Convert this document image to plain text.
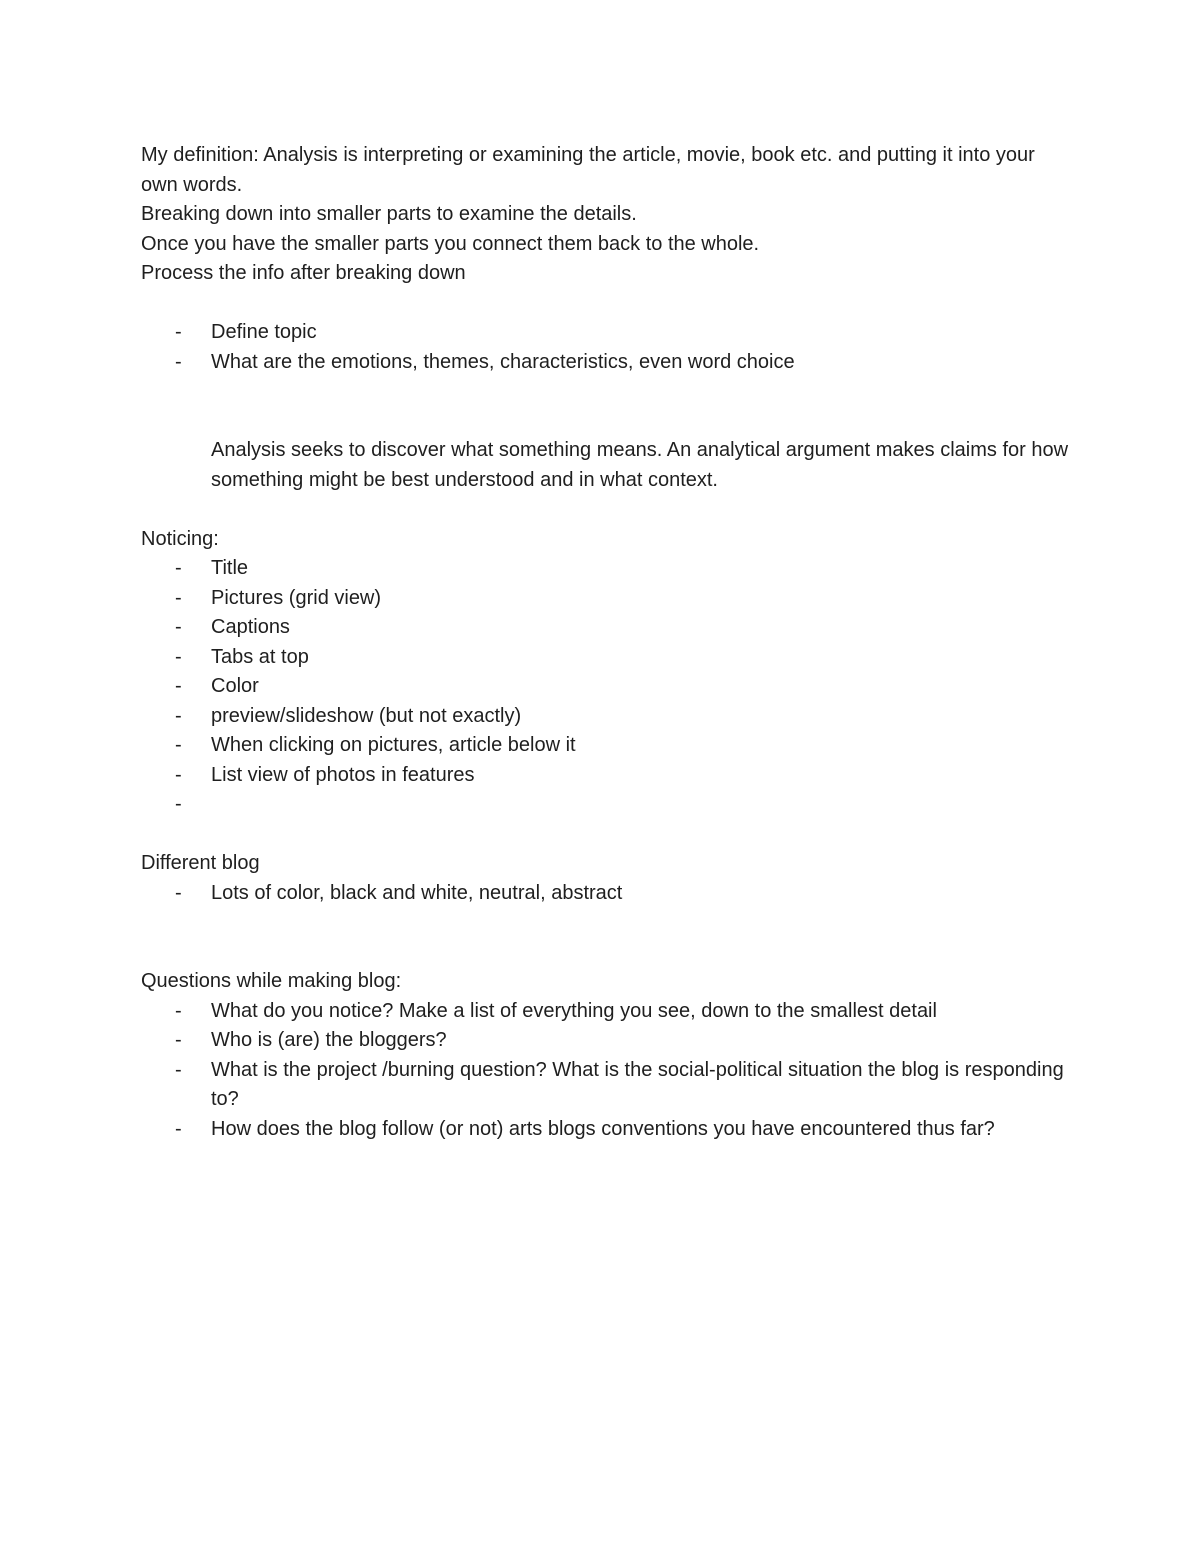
My definition: Analysis is interpreting or examining the article, movie, book etc. and putting it into your own words.

Breaking down into smaller parts to examine the details.

Once you have the smaller parts you connect them back to the whole.

Process the info after breaking down

- Define topic
- What are the emotions, themes, characteristics, even word choice

Analysis seeks to discover what something means. An analytical argument makes claims for how something might be best understood and in what context.

Noticing:

- Title
- Pictures (grid view)
- Captions
- Tabs at top
- Color
- preview/slideshow (but not exactly)
- When clicking on pictures, article below it
- List view of photos in features
-

Different blog

- Lots of color, black and white, neutral, abstract

Questions while making blog:

- What do you notice? Make a list of everything you see, down to the smallest detail
- Who is (are) the bloggers?
- What is the project /burning question? What is the social-political situation the blog is responding to?
- How does the blog follow (or not) arts blogs conventions you have encountered thus far?
